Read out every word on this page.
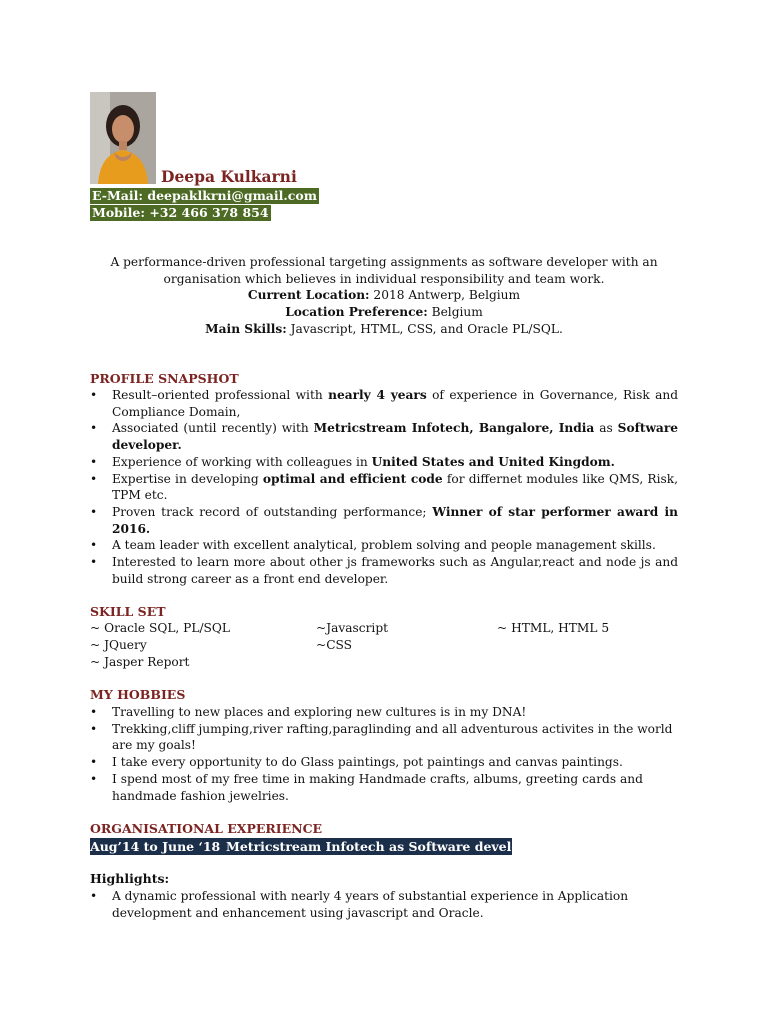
Deepa Kulkarni
E-Mail: deepaklkrni@gmail.com
Mobile: +32 466 378 854
A performance-driven professional targeting assignments as software developer with an
organisation which believes in individual responsibility and team work.
Current Location: 2018 Antwerp, Belgium
Location Preference: Belgium
Main Skills: Javascript, HTML, CSS, and Oracle PL/SQL.
PROFILE SNAPSHOT
• Result–oriented professional with nearly 4 years of experience in Governance, Risk and Compliance Domain,
• Associated (until recently) with Metricstream Infotech, Bangalore, India as Software developer.
• Experience of working with colleagues in United States and United Kingdom.
• Expertise in developing optimal and efficient code for differnet modules like QMS, Risk, TPM etc.
• Proven track record of outstanding performance; Winner of star performer award in 2016.
• A team leader with excellent analytical, problem solving and people management skills.
• Interested to learn more about other js frameworks such as Angular,react and node js and build strong career as a front end developer.
SKILL SET
~ Oracle SQL, PL/SQL	~Javascript	~ HTML, HTML 5
~ JQuery	~CSS
~ Jasper Report
MY HOBBIES
• Travelling to new places and exploring new cultures is in my DNA!
• Trekking,cliff jumping,river rafting,paraglinding and all adventurous activites in the world are my goals!
• I take every opportunity to do Glass paintings, pot paintings and canvas paintings.
• I spend most of my free time in making Handmade crafts, albums, greeting cards and handmade fashion jewelries.
ORGANISATIONAL EXPERIENCE
Aug’14 to June ‘18 Metricstream Infotech as Software developer
Highlights:
• A dynamic professional with nearly 4 years of substantial experience in Application development and enhancement using javascript and Oracle.
